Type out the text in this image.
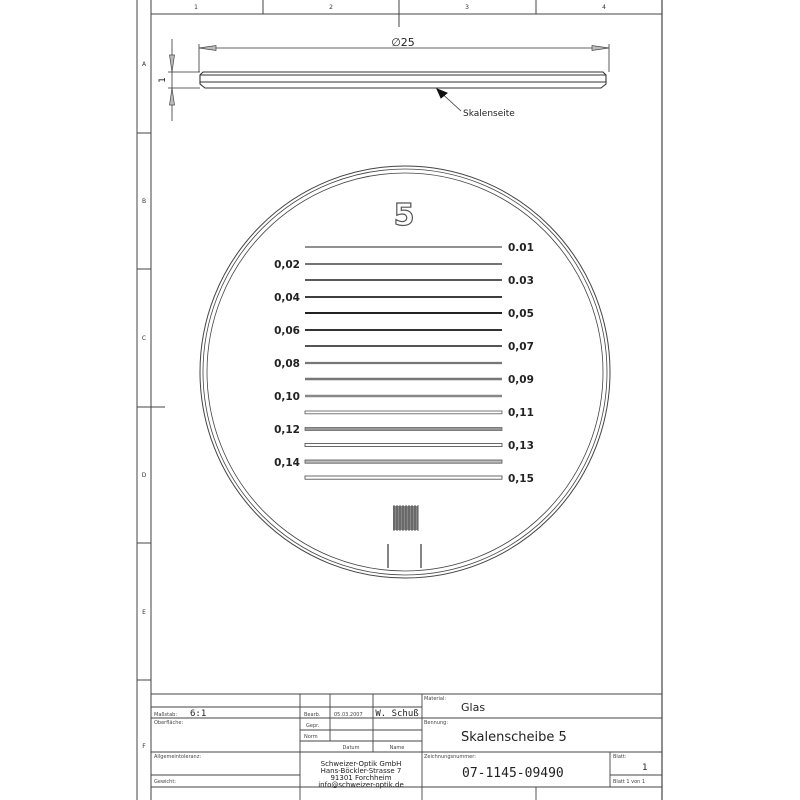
1	2	3	4
A
B
C
D
E
F
∅25
1
Skalenseite
5
0,02
0,04
0,06
0,08
0,10
0,12
0,14
0.01
0.03
0,05
0,07
0,09
0,11
0,13
0,15
Maßstab: 6:1
Oberfläche:
Allgemeintoleranz:
Gewicht:
Bearb.	05.03.2007 W. Schuß
Gepr.
Norm
Datum	Name
Schweizer-Optik GmbH
Hans-Böckler-Strasse 7
91301 Forchheim
info@schweizer-optik.de
Material:
Glas
Bennung:
Skalenscheibe 5
Zeichnungsnummer:
07-1145-09490
Blatt:
1
Blatt 1 von 1
